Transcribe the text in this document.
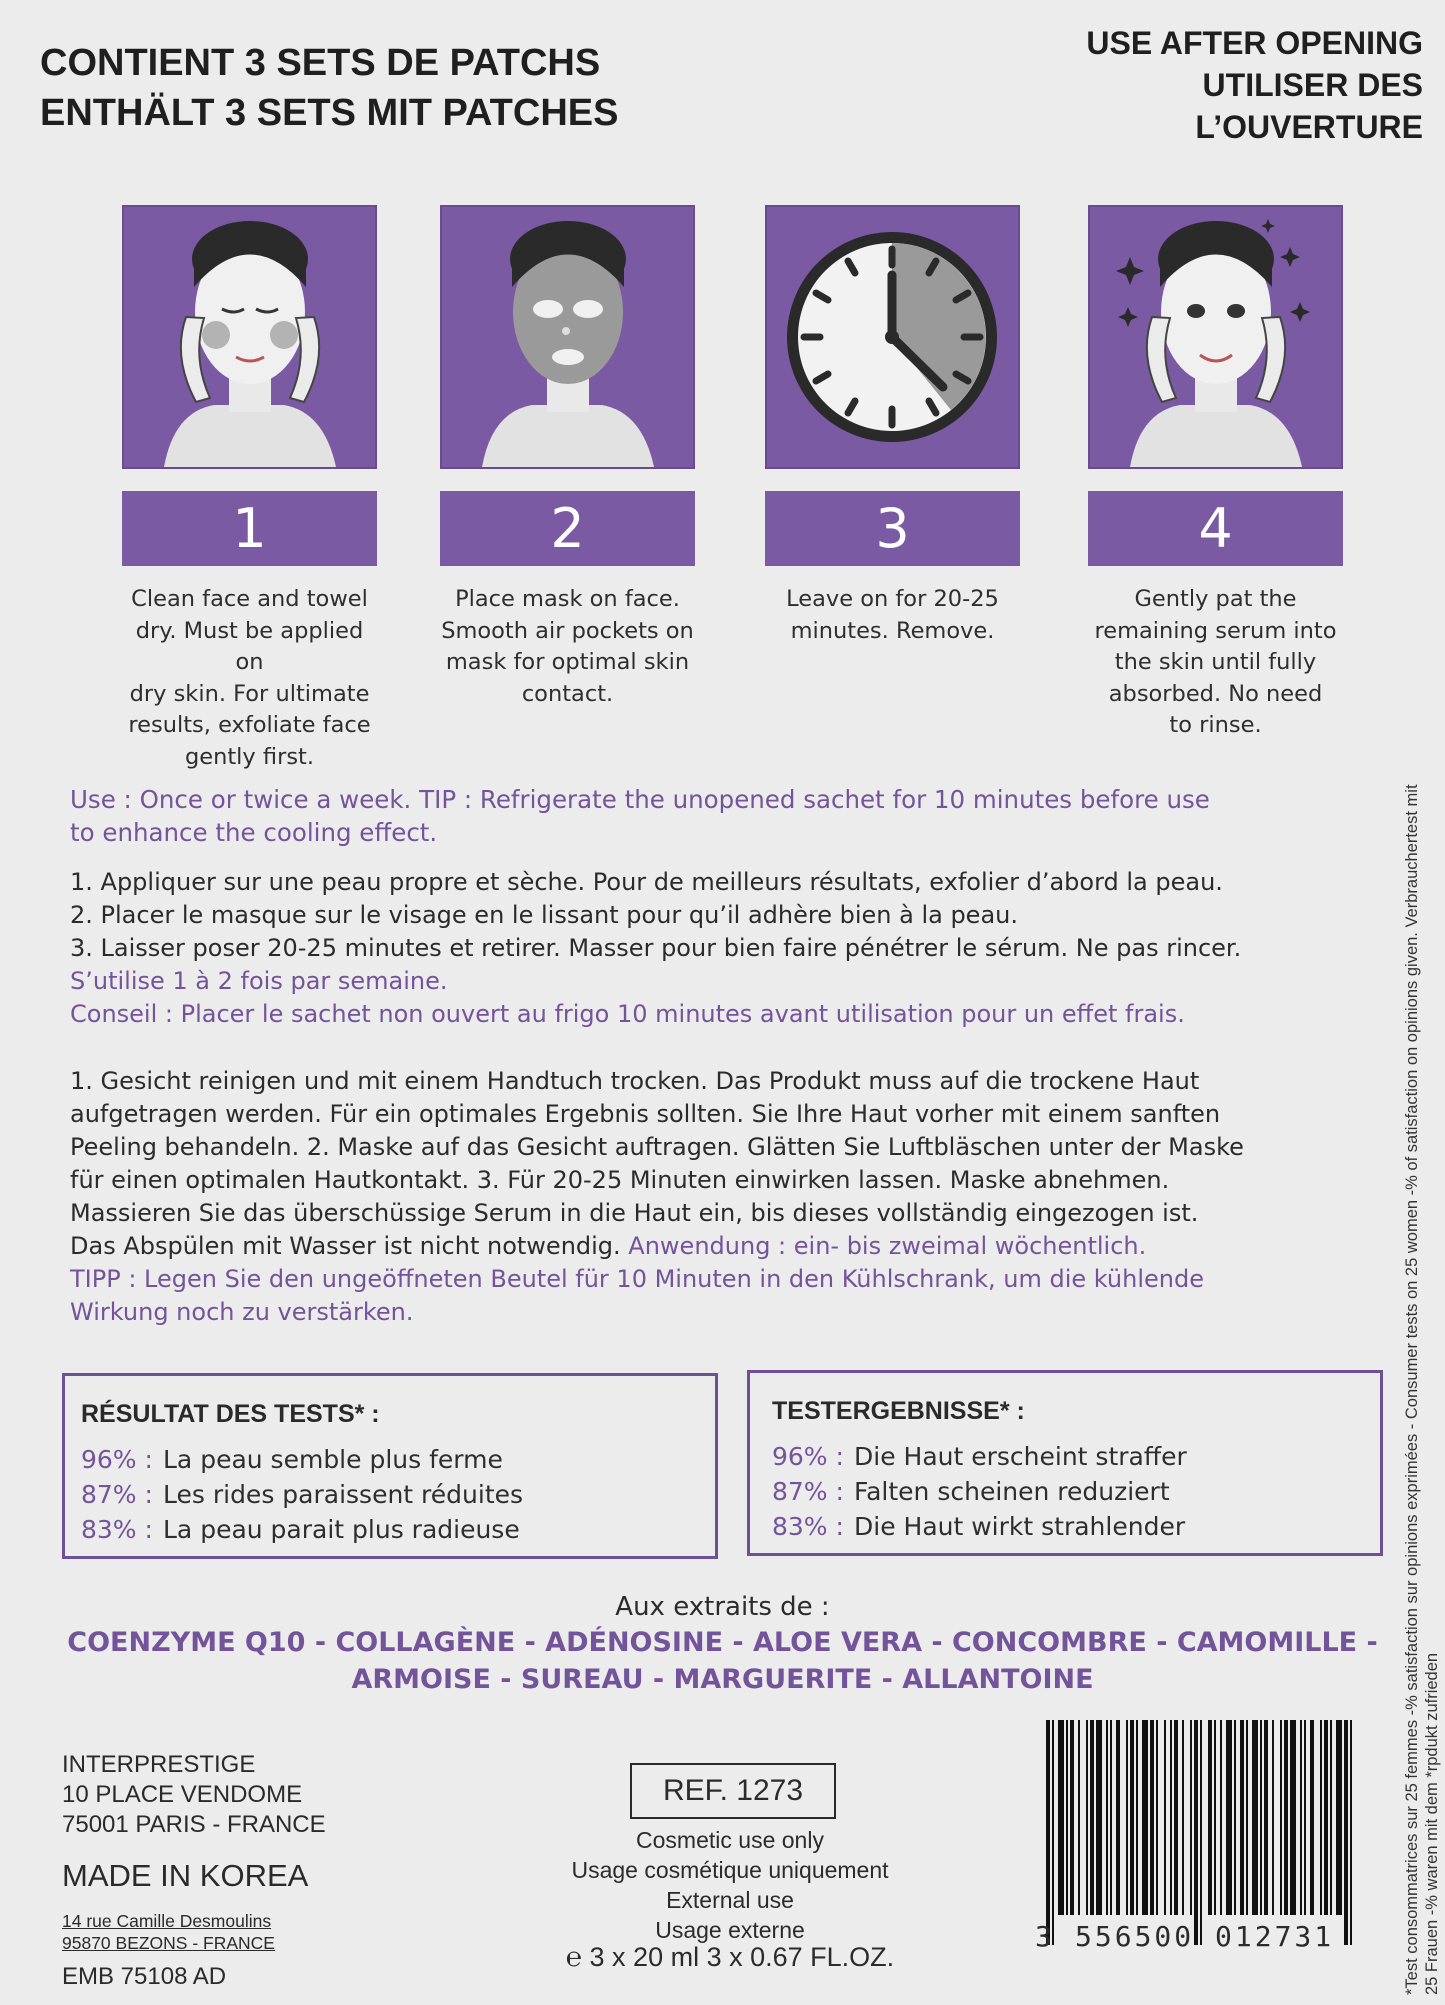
CONTIENT 3 SETS DE PATCHS
ENTHÄLT 3 SETS MIT PATCHES
USE AFTER OPENING
UTILISER DES
L’OUVERTURE
1
Clean face and towel
dry. Must be applied on
dry skin. For ultimate
results, exfoliate face
gently first.
2
Place mask on face.
Smooth air pockets on
mask for optimal skin
contact.
3
Leave on for 20-25
minutes. Remove.
4
Gently pat the
remaining serum into
the skin until fully
absorbed. No need
to rinse.

Use : Once or twice a week. TIP : Refrigerate the unopened sachet for 10 minutes before use

to enhance the cooling effect.

1. Appliquer sur une peau propre et sèche. Pour de meilleurs résultats, exfolier d’abord la peau.

2. Placer le masque sur le visage en le lissant pour qu’il adhère bien à la peau.

3. Laisser poser 20-25 minutes et retirer. Masser pour bien faire pénétrer le sérum. Ne pas rincer.

S’utilise 1 à 2 fois par semaine.

Conseil : Placer le sachet non ouvert au frigo 10 minutes avant utilisation pour un effet frais.

1. Gesicht reinigen und mit einem Handtuch trocken. Das Produkt muss auf die trockene Haut

aufgetragen werden. Für ein optimales Ergebnis sollten. Sie Ihre Haut vorher mit einem sanften

Peeling behandeln. 2. Maske auf das Gesicht auftragen. Glätten Sie Luftbläschen unter der Maske

für einen optimalen Hautkontakt. 3. Für 20-25 Minuten einwirken lassen. Maske abnehmen.

Massieren Sie das überschüssige Serum in die Haut ein, bis dieses vollständig eingezogen ist.

Das Abspülen mit Wasser ist nicht notwendig. Anwendung : ein- bis zweimal wöchentlich.

TIPP : Legen Sie den ungeöffneten Beutel für 10 Minuten in den Kühlschrank, um die kühlende

Wirkung noch zu verstärken.

RÉSULTAT DES TESTS* :
96% : La peau semble plus ferme
87% : Les rides paraissent réduites
83% : La peau parait plus radieuse
TESTERGEBNISSE* :
96% : Die Haut erscheint straffer
87% : Falten scheinen reduziert
83% : Die Haut wirkt strahlender
Aux extraits de :
COENZYME Q10 - COLLAGÈNE - ADÉNOSINE - ALOE VERA - CONCOMBRE - CAMOMILLE -
ARMOISE - SUREAU - MARGUERITE - ALLANTOINE
INTERPRESTIGE
10 PLACE VENDOME
75001 PARIS - FRANCE
MADE IN KOREA
14 rue Camille Desmoulins
95870 BEZONS - FRANCE
EMB 75108 AD
REF. 1273
Cosmetic use only
Usage cosmétique uniquement
External use
Usage externe
℮ 3 x 20 ml 3 x 0.67 FL.OZ.
3 556500 012731	*Test consommatrices sur 25 femmes -% satisfaction sur opinions exprimées - Consumer tests on 25 women -% of satisfaction on opinions given. Verbrauchertest mit 25 Frauen -% waren mit dem *rpdukt zufrieden
